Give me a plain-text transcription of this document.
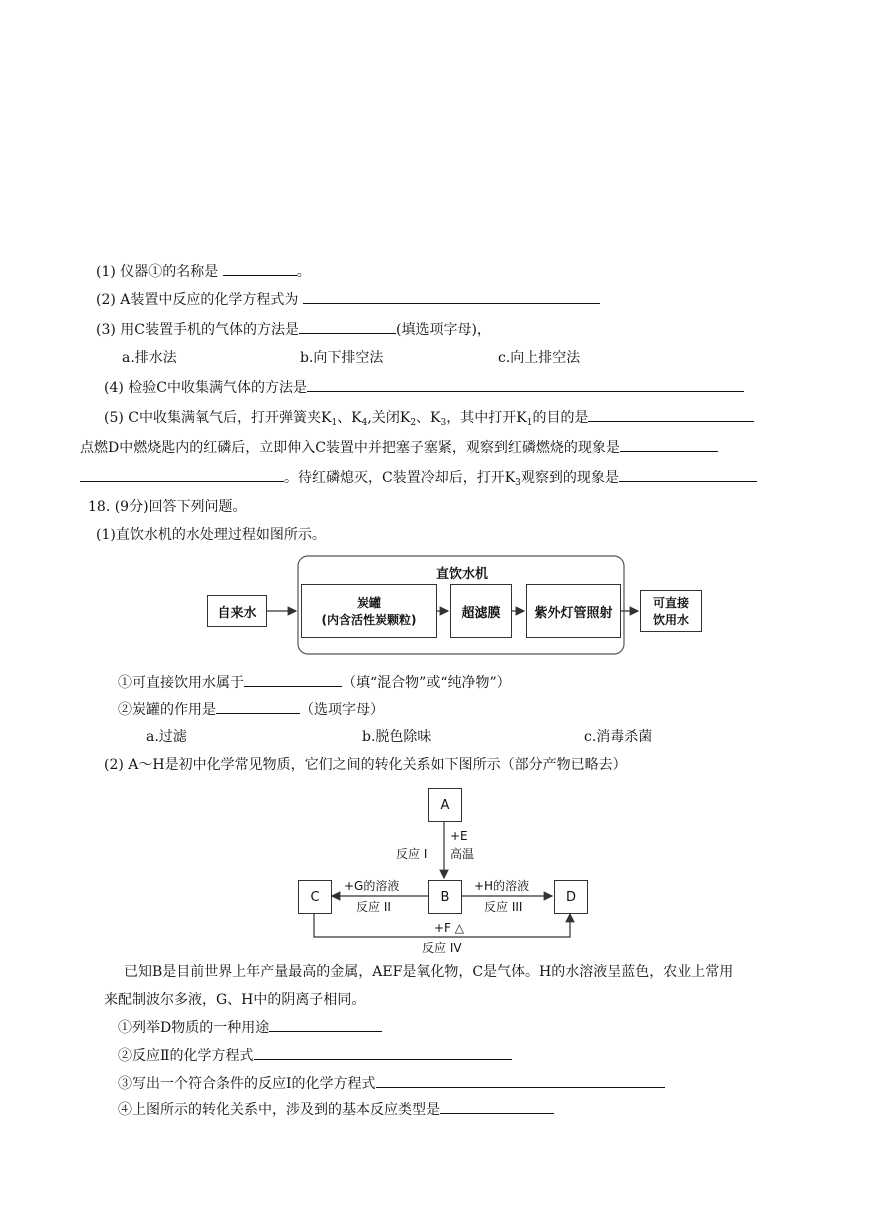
(1) 仪器①的名称是	。
(2) A装置中反应的化学方程式为
(3) 用C装置手机的气体的方法是	(填选项字母)，
a.排水法	b.向下排空法	c.向上排空法
(4) 检验C中收集满气体的方法是
(5) C中收集满氧气后，打开弹簧夹$K_1$、$K_4$,关闭$K_2$、$K_3$，其中打开$K_1$的目的是
点燃D中燃烧匙内的红磷后，立即伸入C装置中并把塞子塞紧，观察到红磷燃烧的现象是
。待红磷熄灭，C装置冷却后，打开$K_3$观察到的现象是
18. (9分)回答下列问题。
(1)直饮水机的水处理过程如图所示。
直饮水机
自来水
炭罐
(内含活性炭颗粒)	超滤膜	紫外灯管照射
可直接
饮用水
①可直接饮用水属于	（填“混合物”或“纯净物”）
②炭罐的作用是	（选项字母）
a.过滤	b.脱色除味	c.消毒杀菌
(2) A～H是初中化学常见物质，它们之间的转化关系如下图所示（部分产物已略去）
A
B
C	D
+E
高温
反应 I
+G的溶液
反应 II
+H的溶液
反应 III
+F △
反应 IV
已知B是目前世界上年产量最高的金属，AEF是氧化物，C是气体。H的水溶液呈蓝色，农业上常用
来配制波尔多液，G、H中的阴离子相同。
①列举D物质的一种用途
②反应Ⅱ的化学方程式
③写出一个符合条件的反应Ⅰ的化学方程式
④上图所示的转化关系中，涉及到的基本反应类型是
